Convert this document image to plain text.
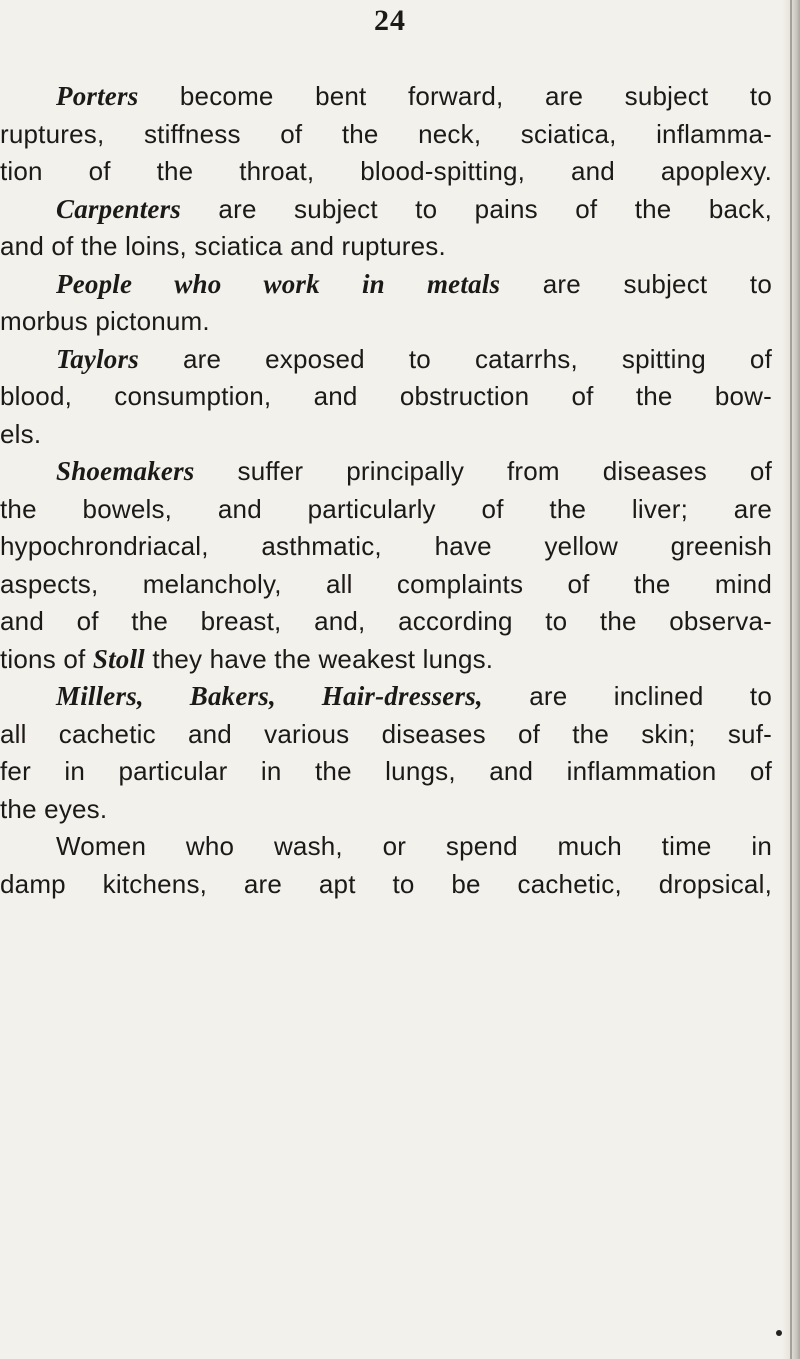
24
Porters become bent forward, are subject to
ruptures, stiffness of the neck, sciatica, inflamma-
tion of the throat, blood-spitting, and apoplexy.
Carpenters are subject to pains of the back,
and of the loins, sciatica and ruptures.
People who work in metals are subject to
morbus pictonum.
Taylors are exposed to catarrhs, spitting of
blood, consumption, and obstruction of the bow-
els.
Shoemakers suffer principally from diseases of
the bowels, and particularly of the liver; are
hypochrondriacal, asthmatic, have yellow greenish
aspects, melancholy, all complaints of the mind
and of the breast, and, according to the observa-
tions of Stoll they have the weakest lungs.
Millers, Bakers, Hair-dressers, are inclined to
all cachetic and various diseases of the skin; suf-
fer in particular in the lungs, and inflammation of
the eyes.
Women who wash, or spend much time in
damp kitchens, are apt to be cachetic, dropsical,
